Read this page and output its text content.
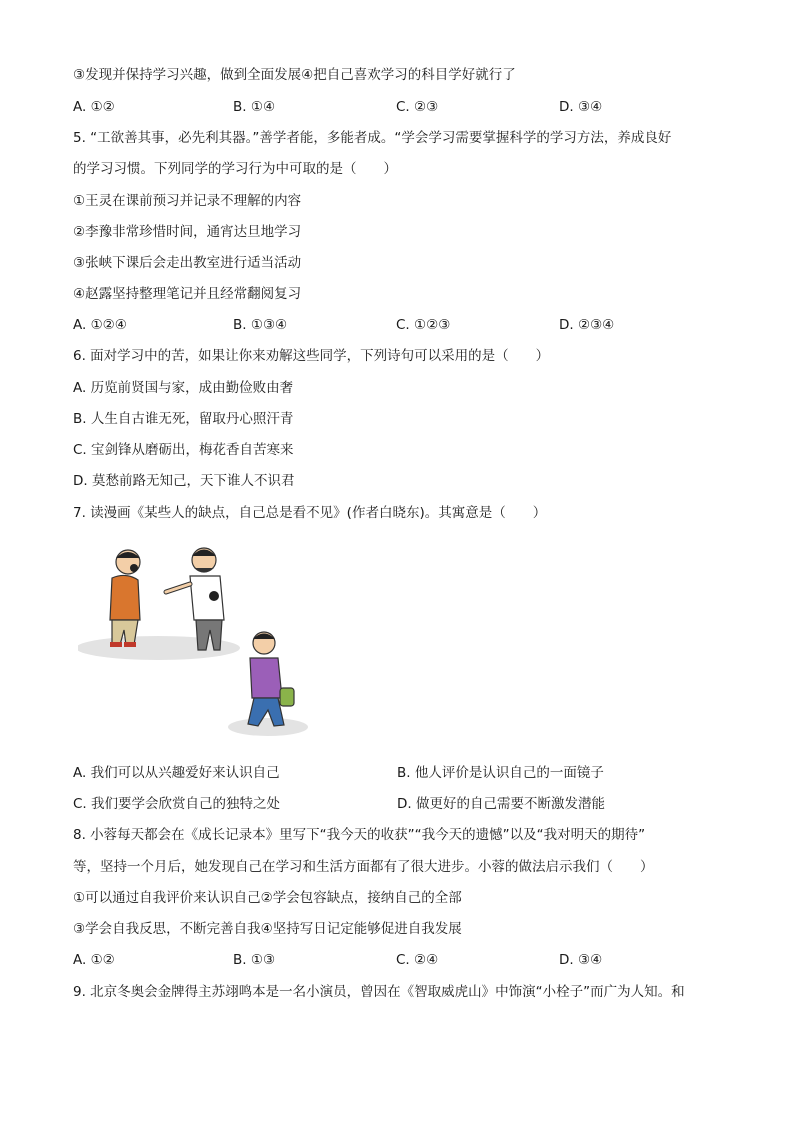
③发现并保持学习兴趣，做到全面发展④把自己喜欢学习的科目学好就行了
A. ①②	B. ①④	C. ②③	D. ③④
5. “工欲善其事，必先利其器。”善学者能，多能者成。“学会学习需要掌握科学的学习方法，养成良好
的学习习惯。下列同学的学习行为中可取的是（　　）
①王灵在课前预习并记录不理解的内容
②李豫非常珍惜时间，通宵达旦地学习
③张峡下课后会走出教室进行适当活动
④赵露坚持整理笔记并且经常翻阅复习
A. ①②④	B. ①③④	C. ①②③	D. ②③④
6. 面对学习中的苦，如果让你来劝解这些同学，下列诗句可以采用的是（　　）
A. 历览前贤国与家，成由勤俭败由奢
B. 人生自古谁无死，留取丹心照汗青
C. 宝剑锋从磨砺出，梅花香自苦寒来
D. 莫愁前路无知己，天下谁人不识君
7. 读漫画《某些人的缺点，自己总是看不见》(作者白晓东)。其寓意是（　　）
A. 我们可以从兴趣爱好来认识自己	B. 他人评价是认识自己的一面镜子
C. 我们要学会欣赏自己的独特之处	D. 做更好的自己需要不断激发潜能
8. 小蓉每天都会在《成长记录本》里写下“我今天的收获”“我今天的遗憾”以及“我对明天的期待”
等，坚持一个月后，她发现自己在学习和生活方面都有了很大进步。小蓉的做法启示我们（　　）
①可以通过自我评价来认识自己②学会包容缺点，接纳自己的全部
③学会自我反思，不断完善自我④坚持写日记定能够促进自我发展
A. ①②	B. ①③	C. ②④	D. ③④
9. 北京冬奥会金牌得主苏翊鸣本是一名小演员，曾因在《智取威虎山》中饰演“小栓子”而广为人知。和
